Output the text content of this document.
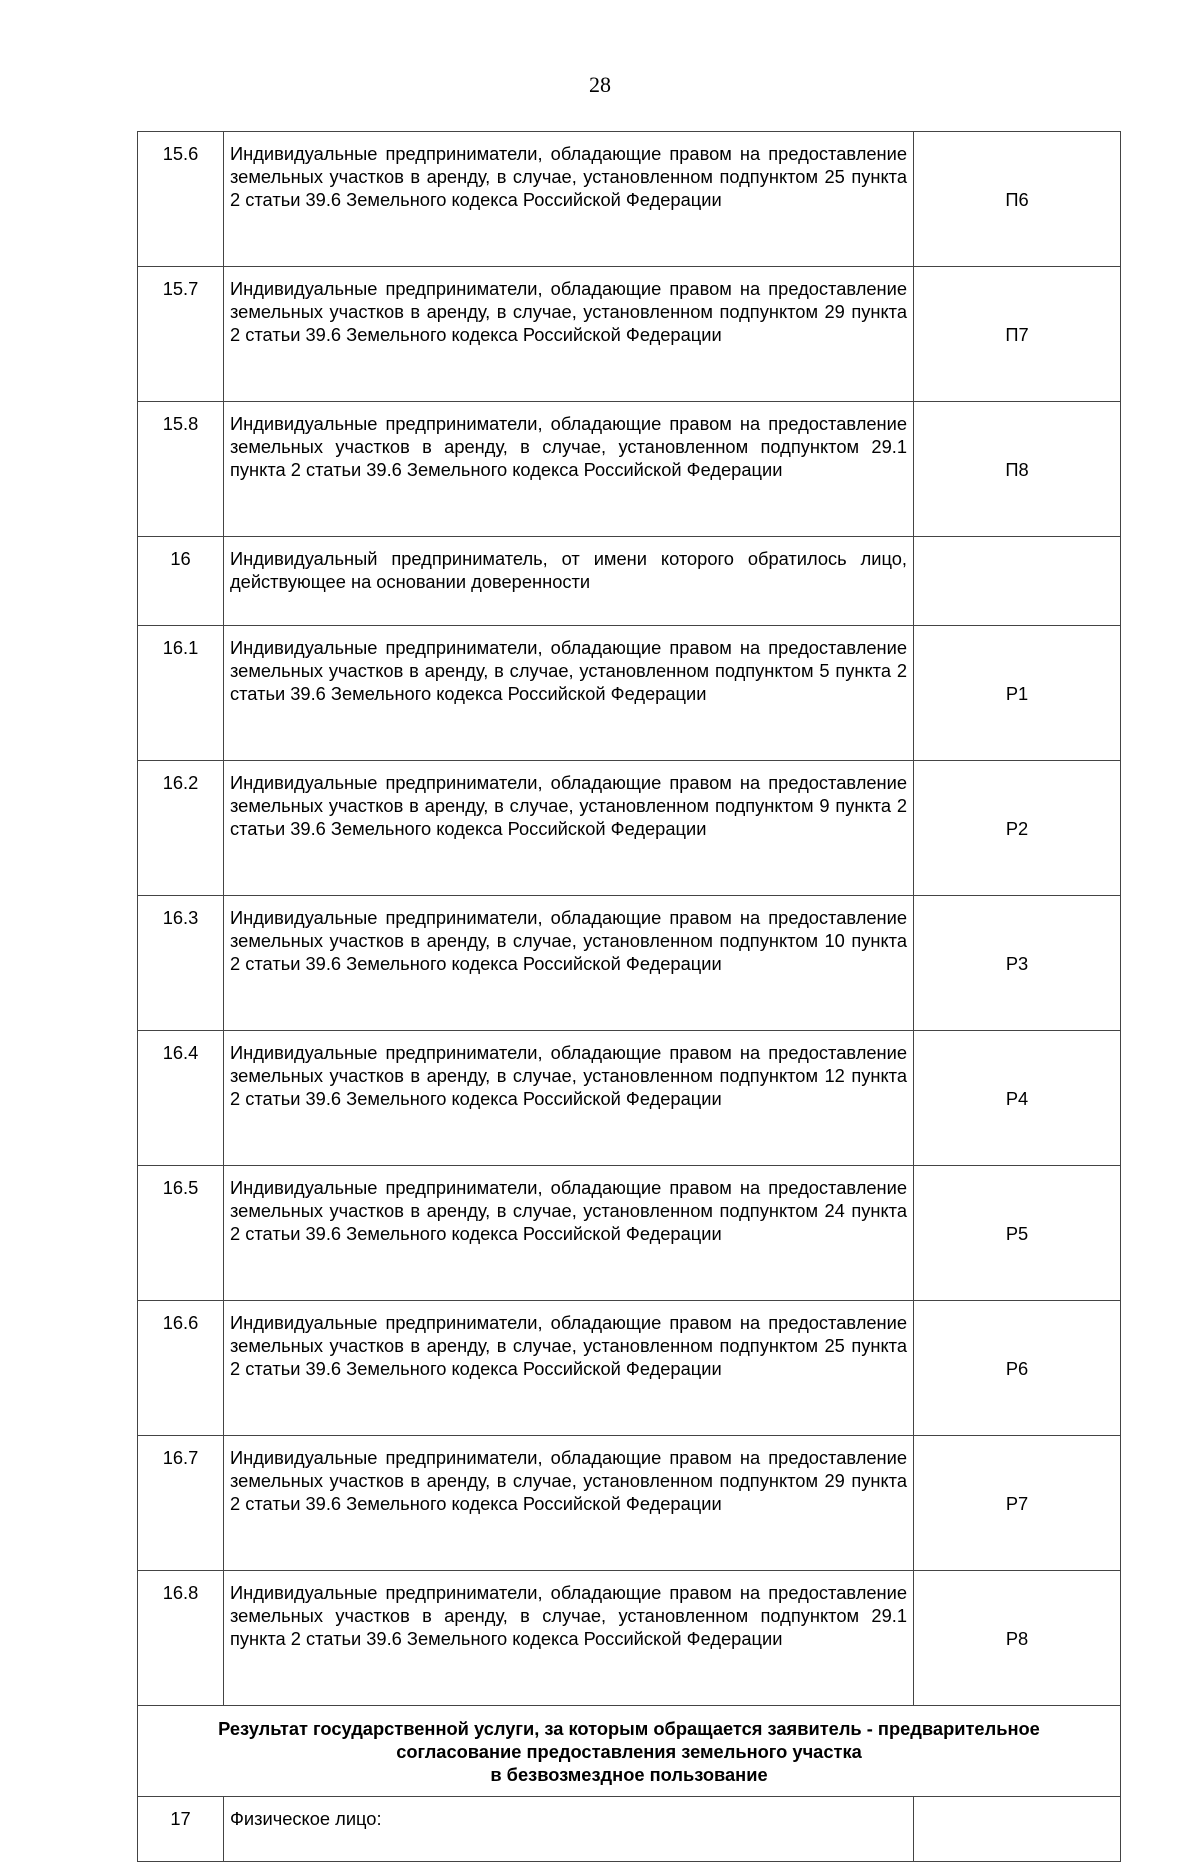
28
15.6	Индивидуальные предприниматели, обладающие правом на предоставление земельных участков в аренду, в случае, установленном подпунктом 25 пункта 2 статьи 39.6 Земельного кодекса Российской Федерации	П6
15.7	Индивидуальные предприниматели, обладающие правом на предоставление земельных участков в аренду, в случае, установленном подпунктом 29 пункта 2 статьи 39.6 Земельного кодекса Российской Федерации	П7
15.8	Индивидуальные предприниматели, обладающие правом на предоставление земельных участков в аренду, в случае, установленном подпунктом 29.1 пункта 2 статьи 39.6 Земельного кодекса Российской Федерации	П8
16	Индивидуальный предприниматель, от имени которого обратилось лицо, действующее на основании доверенности	
16.1	Индивидуальные предприниматели, обладающие правом на предоставление земельных участков в аренду, в случае, установленном подпунктом 5 пункта 2 статьи 39.6 Земельного кодекса Российской Федерации	Р1
16.2	Индивидуальные предприниматели, обладающие правом на предоставление земельных участков в аренду, в случае, установленном подпунктом 9 пункта 2 статьи 39.6 Земельного кодекса Российской Федерации	Р2
16.3	Индивидуальные предприниматели, обладающие правом на предоставление земельных участков в аренду, в случае, установленном подпунктом 10 пункта 2 статьи 39.6 Земельного кодекса Российской Федерации	Р3
16.4	Индивидуальные предприниматели, обладающие правом на предоставление земельных участков в аренду, в случае, установленном подпунктом 12 пункта 2 статьи 39.6 Земельного кодекса Российской Федерации	Р4
16.5	Индивидуальные предприниматели, обладающие правом на предоставление земельных участков в аренду, в случае, установленном подпунктом 24 пункта 2 статьи 39.6 Земельного кодекса Российской Федерации	Р5
16.6	Индивидуальные предприниматели, обладающие правом на предоставление земельных участков в аренду, в случае, установленном подпунктом 25 пункта 2 статьи 39.6 Земельного кодекса Российской Федерации	Р6
16.7	Индивидуальные предприниматели, обладающие правом на предоставление земельных участков в аренду, в случае, установленном подпунктом 29 пункта 2 статьи 39.6 Земельного кодекса Российской Федерации	Р7
16.8	Индивидуальные предприниматели, обладающие правом на предоставление земельных участков в аренду, в случае, установленном подпунктом 29.1 пункта 2 статьи 39.6 Земельного кодекса Российской Федерации	Р8
Результат государственной услуги, за которым обращается заявитель - предварительное согласование предоставления земельного участка
в безвозмездное пользование		
17	Физическое лицо:	
